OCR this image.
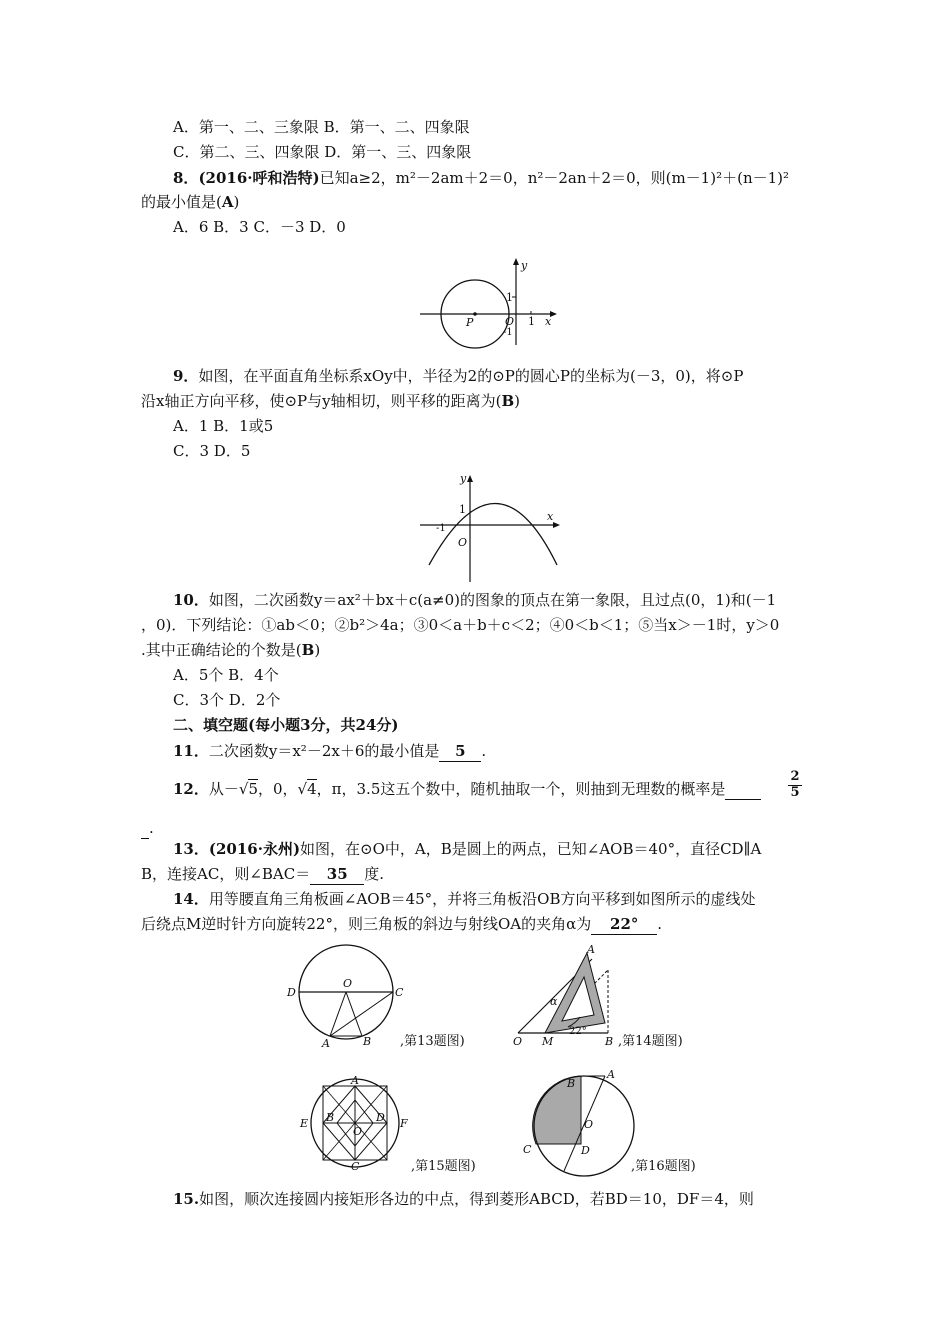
A．第一、二、三象限 B．第一、二、四象限
C．第二、三、四象限 D．第一、三、四象限
8．(2016·呼和浩特)已知a≥2，m²－2am＋2＝0，n²－2an＋2＝0，则(m－1)²＋(n－1)²
的最小值是(A)
A．6 B．3 C．－3 D．0
y
x
1
-1
O 1
P
9．如图，在平面直角坐标系xOy中，半径为2的⊙P的圆心P的坐标为(－3，0)，将⊙P
沿x轴正方向平移，使⊙P与y轴相切，则平移的距离为(B)
A．1 B．1或5
C．3 D．5
y
x
1
-1
O
10．如图，二次函数y＝ax²＋bx＋c(a≠0)的图象的顶点在第一象限，且过点(0，1)和(－1
，0)．下列结论：①ab＜0；②b²＞4a；③0＜a＋b＋c＜2；④0＜b＜1；⑤当x＞－1时，y＞0
.其中正确结论的个数是(B)
A．5个 B．4个
C．3个 D．2个
二、填空题(每小题3分，共24分)
11．二次函数y＝x²－2x＋6的最小值是 5 .
12．从－√5，0，√4，π，3.5这五个数中，随机抽取一个，则抽到无理数的概率是
2
5
.
13．(2016·永州)如图，在⊙O中，A，B是圆上的两点，已知∠AOB＝40°，直径CD∥A
B，连接AC，则∠BAC＝ 35 度.
14．用等腰直角三角板画∠AOB＝45°，并将三角板沿OB方向平移到如图所示的虚线处
后绕点M逆时针方向旋转22°，则三角板的斜边与射线OA的夹角α为 22° .
D
O
C
A	B ,第13题图)
A
α
22°
O M	B ,第14题图)
A
B	D
E	F
O
C	,第15题图)
B
A
O
C	D
,第16题图)
15.如图，顺次连接圆内接矩形各边的中点，得到菱形ABCD，若BD＝10，DF＝4，则
